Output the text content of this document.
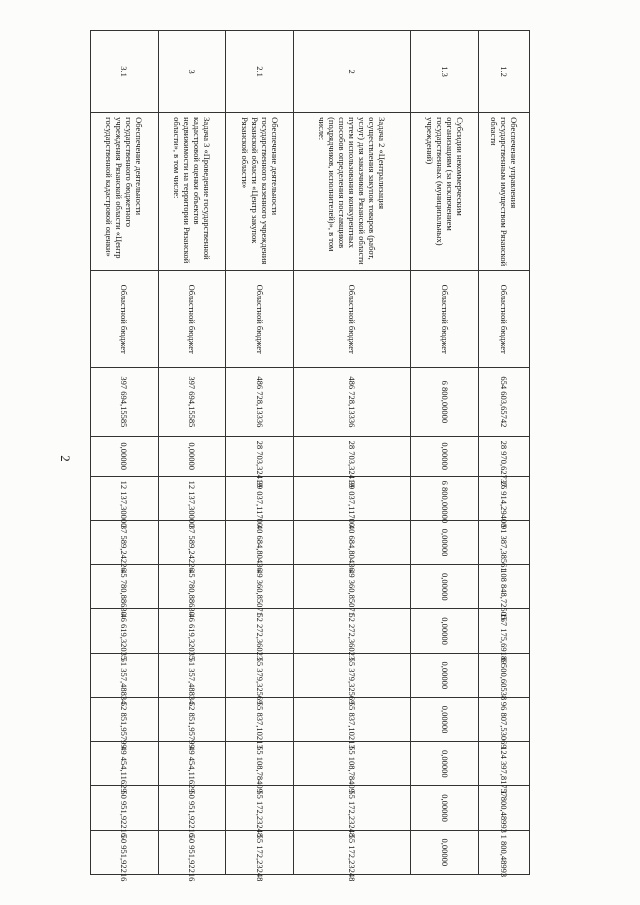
2
1.2	Обеспечение управления государственным имуществом Рязанской области	Областной бюджет	654 603,65742	28 970,62737	26 914,29400	91 387,38561	108 848,72505	167 175,69189	6 500,60538	96 807,53069	124 397,81757	1 800,48993	1 800,48993
1.3	Субсидии некоммерческим организациям (за исключением государственных (муниципальных) учреждений)	Областной бюджет	6 800,00000	0,00000	6 800,00000	0,00000	0,00000	0,00000	0,00000	0,00000	0,00000	0,00000	0,00000
2	Задача 2 «Централизация осуществления закупок товаров (работ, услуг) для заказчиков Рязанской области путем использования конкурентных способов определения поставщиков (подрядчиков, исполнителей)», в том числе:	Областной бюджет	486 728,13336	28 703,32419	39 037,11700	40 684,80436	49 360,85071	52 272,36023	55 379,32569	55 837,10213	55 108,78409	55 172,23248	55 172,23248
2.1	Обеспечение деятельности государственного казенного учреждения Рязанской области «Центр закупок Рязанской области»	Областной бюджет	486 728,13336	28 703,32419	39 037,11700	40 684,80436	49 360,85071	52 272,36023	55 379,32569	55 837,10213	55 108,78409	55 172,23248	55 172,23248
3	Задача 3 «Проведение государственной кадастровой оценки объектов недвижимости на территории Рязанской области», в том числе:	Областной бюджет	397 694,15585	0,00000	12 137,30000	37 589,24226	45 780,88630	46 619,32035	51 357,48834	52 851,95799	49 454,11629	50 951,92216	50 951,92216
3.1	Обеспечение деятельности государственного бюджетного учреждения Рязанской области «Центр государственной кадастровой оценки»	Областной бюджет	397 694,15585	0,00000	12 137,30000	37 589,24226	45 780,88630	46 619,32035	51 357,48834	52 851,95799	49 454,11629	50 951,92216	50 951,92216
